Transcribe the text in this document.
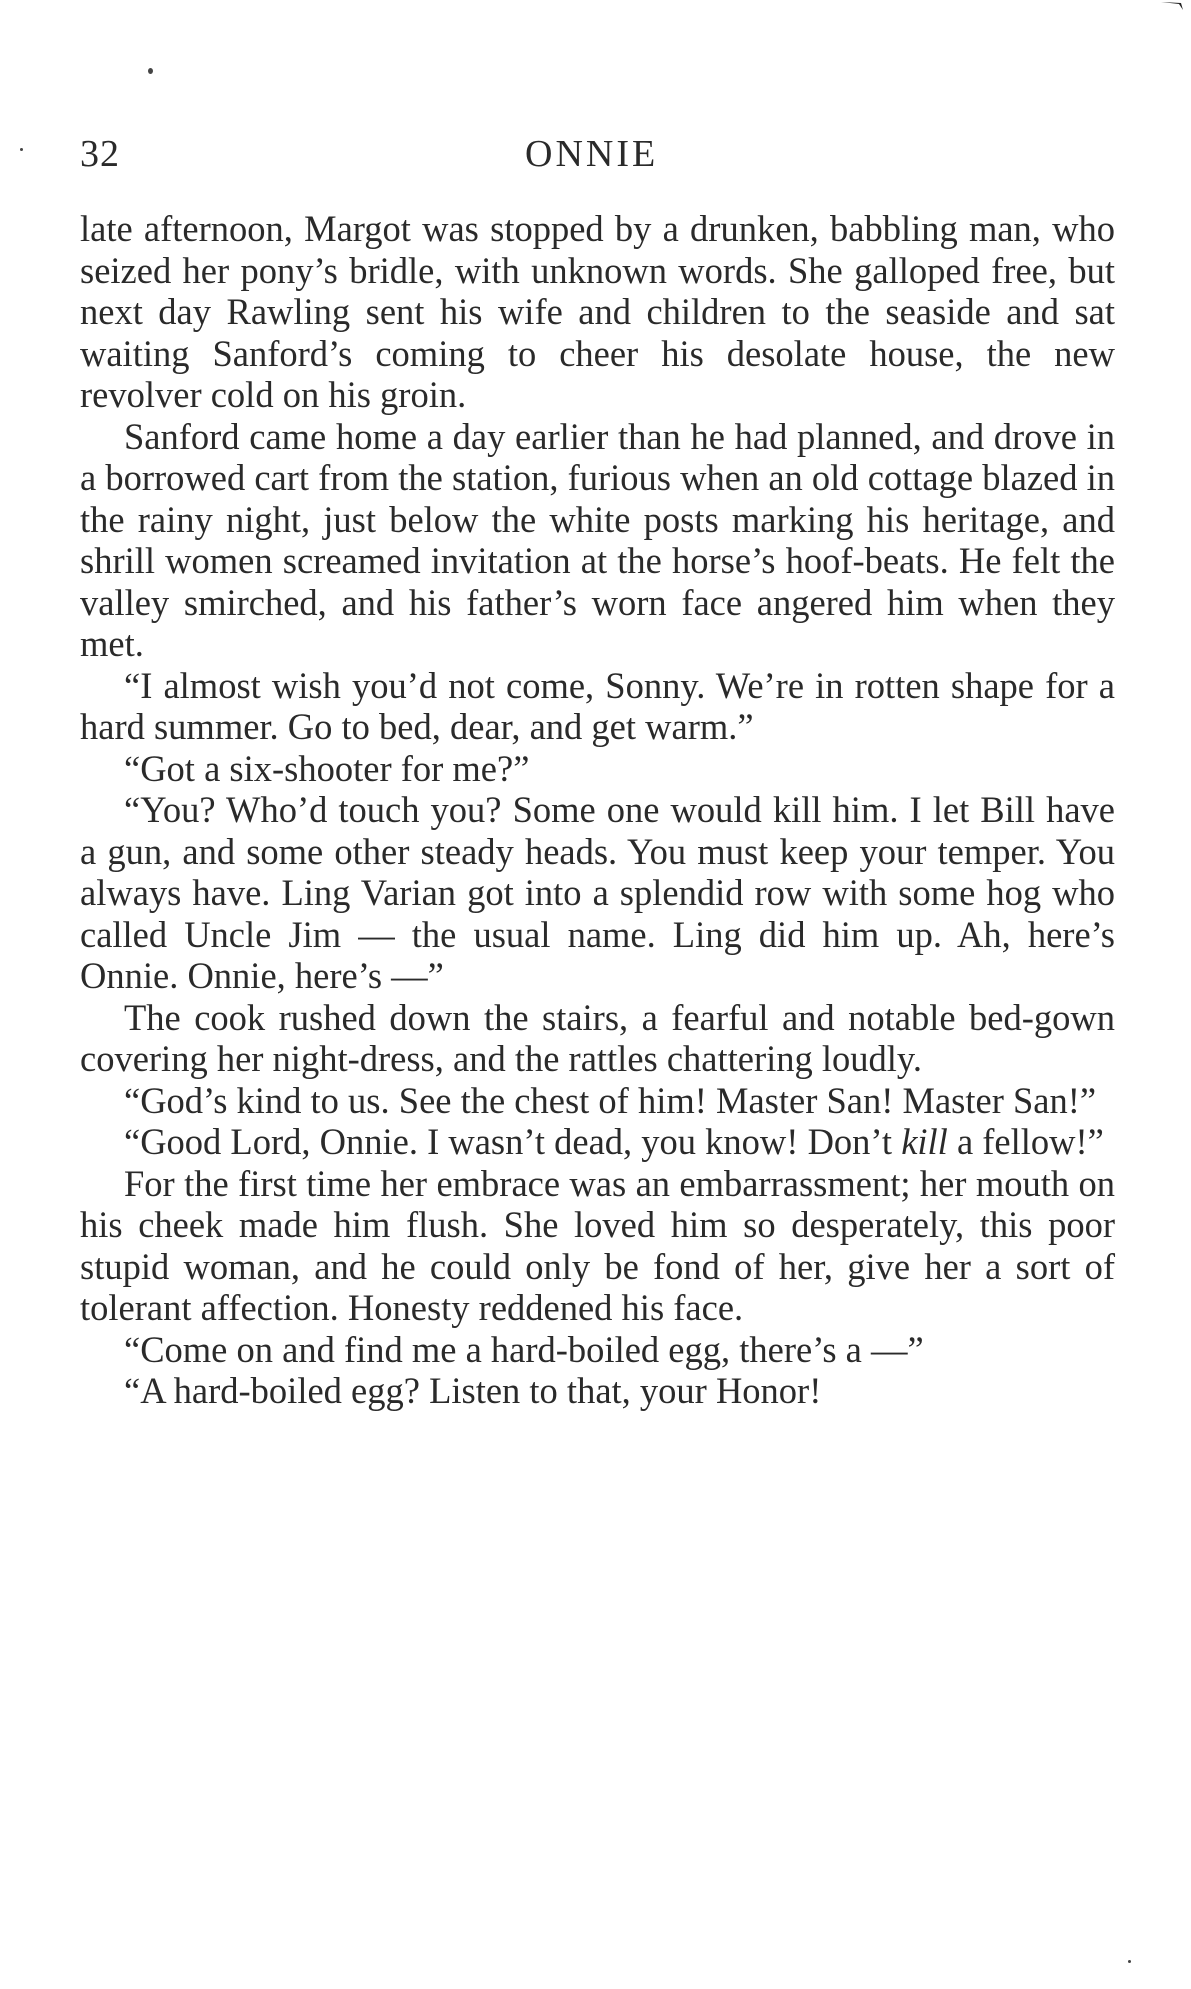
32	ONNIE

late afternoon, Margot was stopped by a drunken, babbling man, who seized her pony’s bridle, with unknown words. She galloped free, but next day Rawling sent his wife and children to the seaside and sat waiting Sanford’s coming to cheer his desolate house, the new revolver cold on his groin.

Sanford came home a day earlier than he had planned, and drove in a borrowed cart from the station, furious when an old cottage blazed in the rainy night, just below the white posts marking his heritage, and shrill women screamed invitation at the horse’s hoof-beats. He felt the valley smirched, and his father’s worn face angered him when they met.

“I almost wish you’d not come, Sonny. We’re in rotten shape for a hard summer. Go to bed, dear, and get warm.”

“Got a six-shooter for me?”

“You? Who’d touch you? Some one would kill him. I let Bill have a gun, and some other steady heads. You must keep your temper. You always have. Ling Varian got into a splendid row with some hog who called Uncle Jim — the usual name. Ling did him up. Ah, here’s Onnie. Onnie, here’s —”

The cook rushed down the stairs, a fearful and notable bed-gown covering her night-dress, and the rattles chattering loudly.

“God’s kind to us. See the chest of him! Master San! Master San!”

“Good Lord, Onnie. I wasn’t dead, you know! Don’t kill a fellow!”

For the first time her embrace was an embarrassment; her mouth on his cheek made him flush. She loved him so desperately, this poor stupid woman, and he could only be fond of her, give her a sort of tolerant affection. Honesty reddened his face.

“Come on and find me a hard-boiled egg, there’s a —”

“A hard-boiled egg? Listen to that, your Honor!
